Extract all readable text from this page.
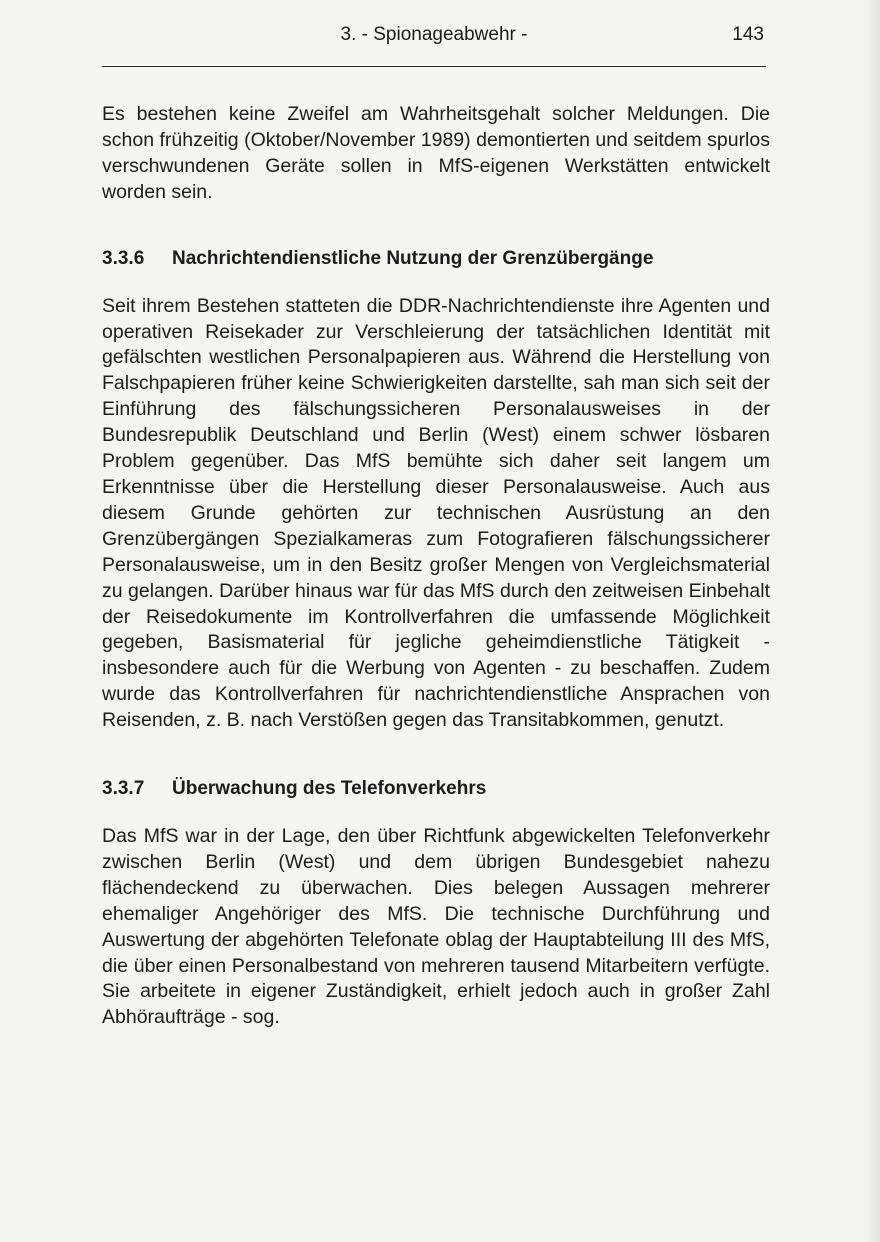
3. - Spionageabwehr -	143

Es bestehen keine Zweifel am Wahrheitsgehalt solcher Meldungen. Die schon frühzeitig (Oktober/November 1989) demontierten und seitdem spurlos verschwundenen Geräte sollen in MfS-eigenen Werkstätten entwickelt worden sein.

3.3.6	Nachrichtendienstliche Nutzung der Grenzübergänge

Seit ihrem Bestehen statteten die DDR-Nachrichtendienste ihre Agenten und operativen Reisekader zur Verschleierung der tatsächlichen Identität mit gefälschten westlichen Personalpapieren aus. Während die Herstellung von Falschpapieren früher keine Schwierigkeiten darstellte, sah man sich seit der Einführung des fälschungssicheren Personalausweises in der Bundesrepublik Deutschland und Berlin (West) einem schwer lösbaren Problem gegenüber. Das MfS bemühte sich daher seit langem um Erkenntnisse über die Herstellung dieser Personalausweise. Auch aus diesem Grunde gehörten zur technischen Ausrüstung an den Grenzübergängen Spezialkameras zum Fotografieren fälschungssicherer Personalausweise, um in den Besitz großer Mengen von Vergleichsmaterial zu gelangen. Darüber hinaus war für das MfS durch den zeitweisen Einbehalt der Reisedokumente im Kontrollverfahren die umfassende Möglichkeit gegeben, Basismaterial für jegliche geheimdienstliche Tätigkeit - insbesondere auch für die Werbung von Agenten - zu beschaffen. Zudem wurde das Kontrollverfahren für nachrichtendienstliche Ansprachen von Reisenden, z. B. nach Verstößen gegen das Transitabkommen, genutzt.

3.3.7	Überwachung des Telefonverkehrs

Das MfS war in der Lage, den über Richtfunk abgewickelten Telefonverkehr zwischen Berlin (West) und dem übrigen Bundesgebiet nahezu flächendeckend zu überwachen. Dies belegen Aussagen mehrerer ehemaliger Angehöriger des MfS. Die technische Durchführung und Auswertung der abgehörten Telefonate oblag der Hauptabteilung III des MfS, die über einen Personalbestand von mehreren tausend Mitarbeitern verfügte. Sie arbeitete in eigener Zuständigkeit, erhielt jedoch auch in großer Zahl Abhöraufträge - sog.
